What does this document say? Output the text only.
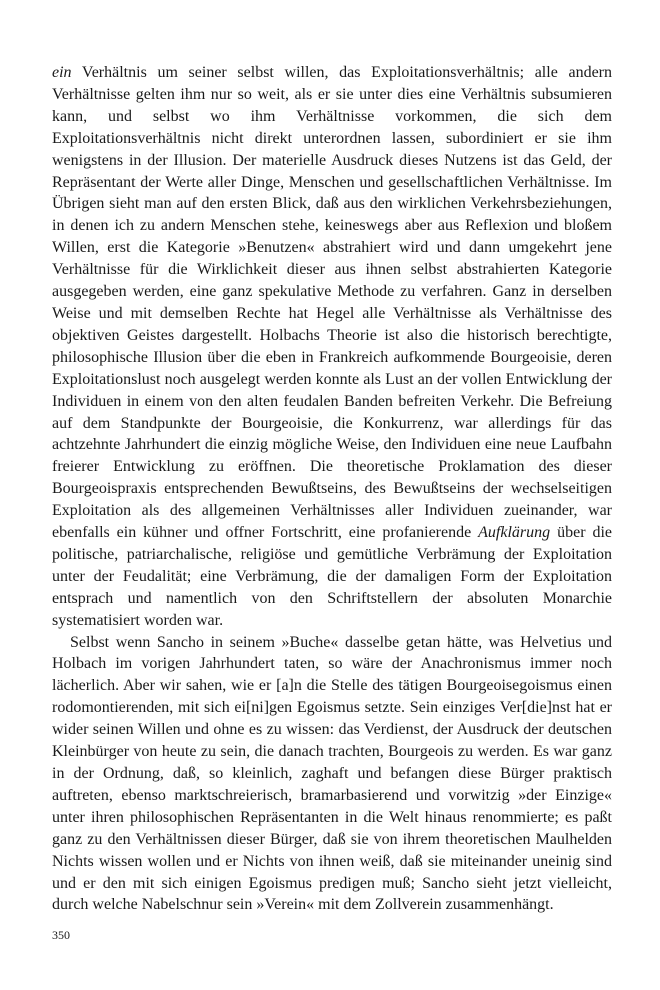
ein Verhältnis um seiner selbst willen, das Exploitationsverhältnis; alle andern Verhältnisse gelten ihm nur so weit, als er sie unter dies eine Verhältnis subsumieren kann, und selbst wo ihm Verhältnisse vorkommen, die sich dem Exploitationsverhältnis nicht direkt unterordnen lassen, subordiniert er sie ihm wenigstens in der Illusion. Der materielle Ausdruck dieses Nutzens ist das Geld, der Repräsentant der Werte aller Dinge, Menschen und gesellschaftlichen Verhältnisse. Im Übrigen sieht man auf den ersten Blick, daß aus den wirklichen Verkehrsbeziehungen, in denen ich zu andern Menschen stehe, keineswegs aber aus Reflexion und bloßem Willen, erst die Kategorie »Benutzen« abstrahiert wird und dann umgekehrt jene Verhältnisse für die Wirklichkeit dieser aus ihnen selbst abstrahierten Kategorie ausgegeben werden, eine ganz spekulative Methode zu verfahren. Ganz in derselben Weise und mit demselben Rechte hat Hegel alle Verhältnisse als Verhältnisse des objektiven Geistes dargestellt. Holbachs Theorie ist also die historisch berechtigte, philosophische Illusion über die eben in Frankreich aufkommende Bourgeoisie, deren Exploitationslust noch ausgelegt werden konnte als Lust an der vollen Entwicklung der Individuen in einem von den alten feudalen Banden befreiten Verkehr. Die Befreiung auf dem Standpunkte der Bourgeoisie, die Konkurrenz, war allerdings für das achtzehnte Jahrhundert die einzig mögliche Weise, den Individuen eine neue Laufbahn freierer Entwicklung zu eröffnen. Die theoretische Proklamation des dieser Bourgeoispraxis entsprechenden Bewußtseins, des Bewußtseins der wechselseitigen Exploitation als des allgemeinen Verhältnisses aller Individuen zueinander, war ebenfalls ein kühner und offner Fortschritt, eine profanierende Aufklärung über die politische, patriarchalische, religiöse und gemütliche Verbrämung der Exploitation unter der Feudalität; eine Verbrämung, die der damaligen Form der Exploitation entsprach und namentlich von den Schriftstellern der absoluten Monarchie systematisiert worden war.

Selbst wenn Sancho in seinem »Buche« dasselbe getan hätte, was Helvetius und Holbach im vorigen Jahrhundert taten, so wäre der Anachronismus immer noch lächerlich. Aber wir sahen, wie er [a]n die Stelle des tätigen Bourgeoisegoismus einen rodomontierenden, mit sich ei[ni]gen Egoismus setzte. Sein einziges Ver[die]nst hat er wider seinen Willen und ohne es zu wissen: das Verdienst, der Ausdruck der deutschen Kleinbürger von heute zu sein, die danach trachten, Bourgeois zu werden. Es war ganz in der Ordnung, daß, so kleinlich, zaghaft und befangen diese Bürger praktisch auftreten, ebenso marktschreierisch, bramarbasierend und vorwitzig »der Einzige« unter ihren philosophischen Repräsentanten in die Welt hinaus renommierte; es paßt ganz zu den Verhältnissen dieser Bürger, daß sie von ihrem theoretischen Maulhelden Nichts wissen wollen und er Nichts von ihnen weiß, daß sie miteinander uneinig sind und er den mit sich einigen Egoismus predigen muß; Sancho sieht jetzt vielleicht, durch welche Nabelschnur sein »Verein« mit dem Zollverein zusammenhängt.

350
